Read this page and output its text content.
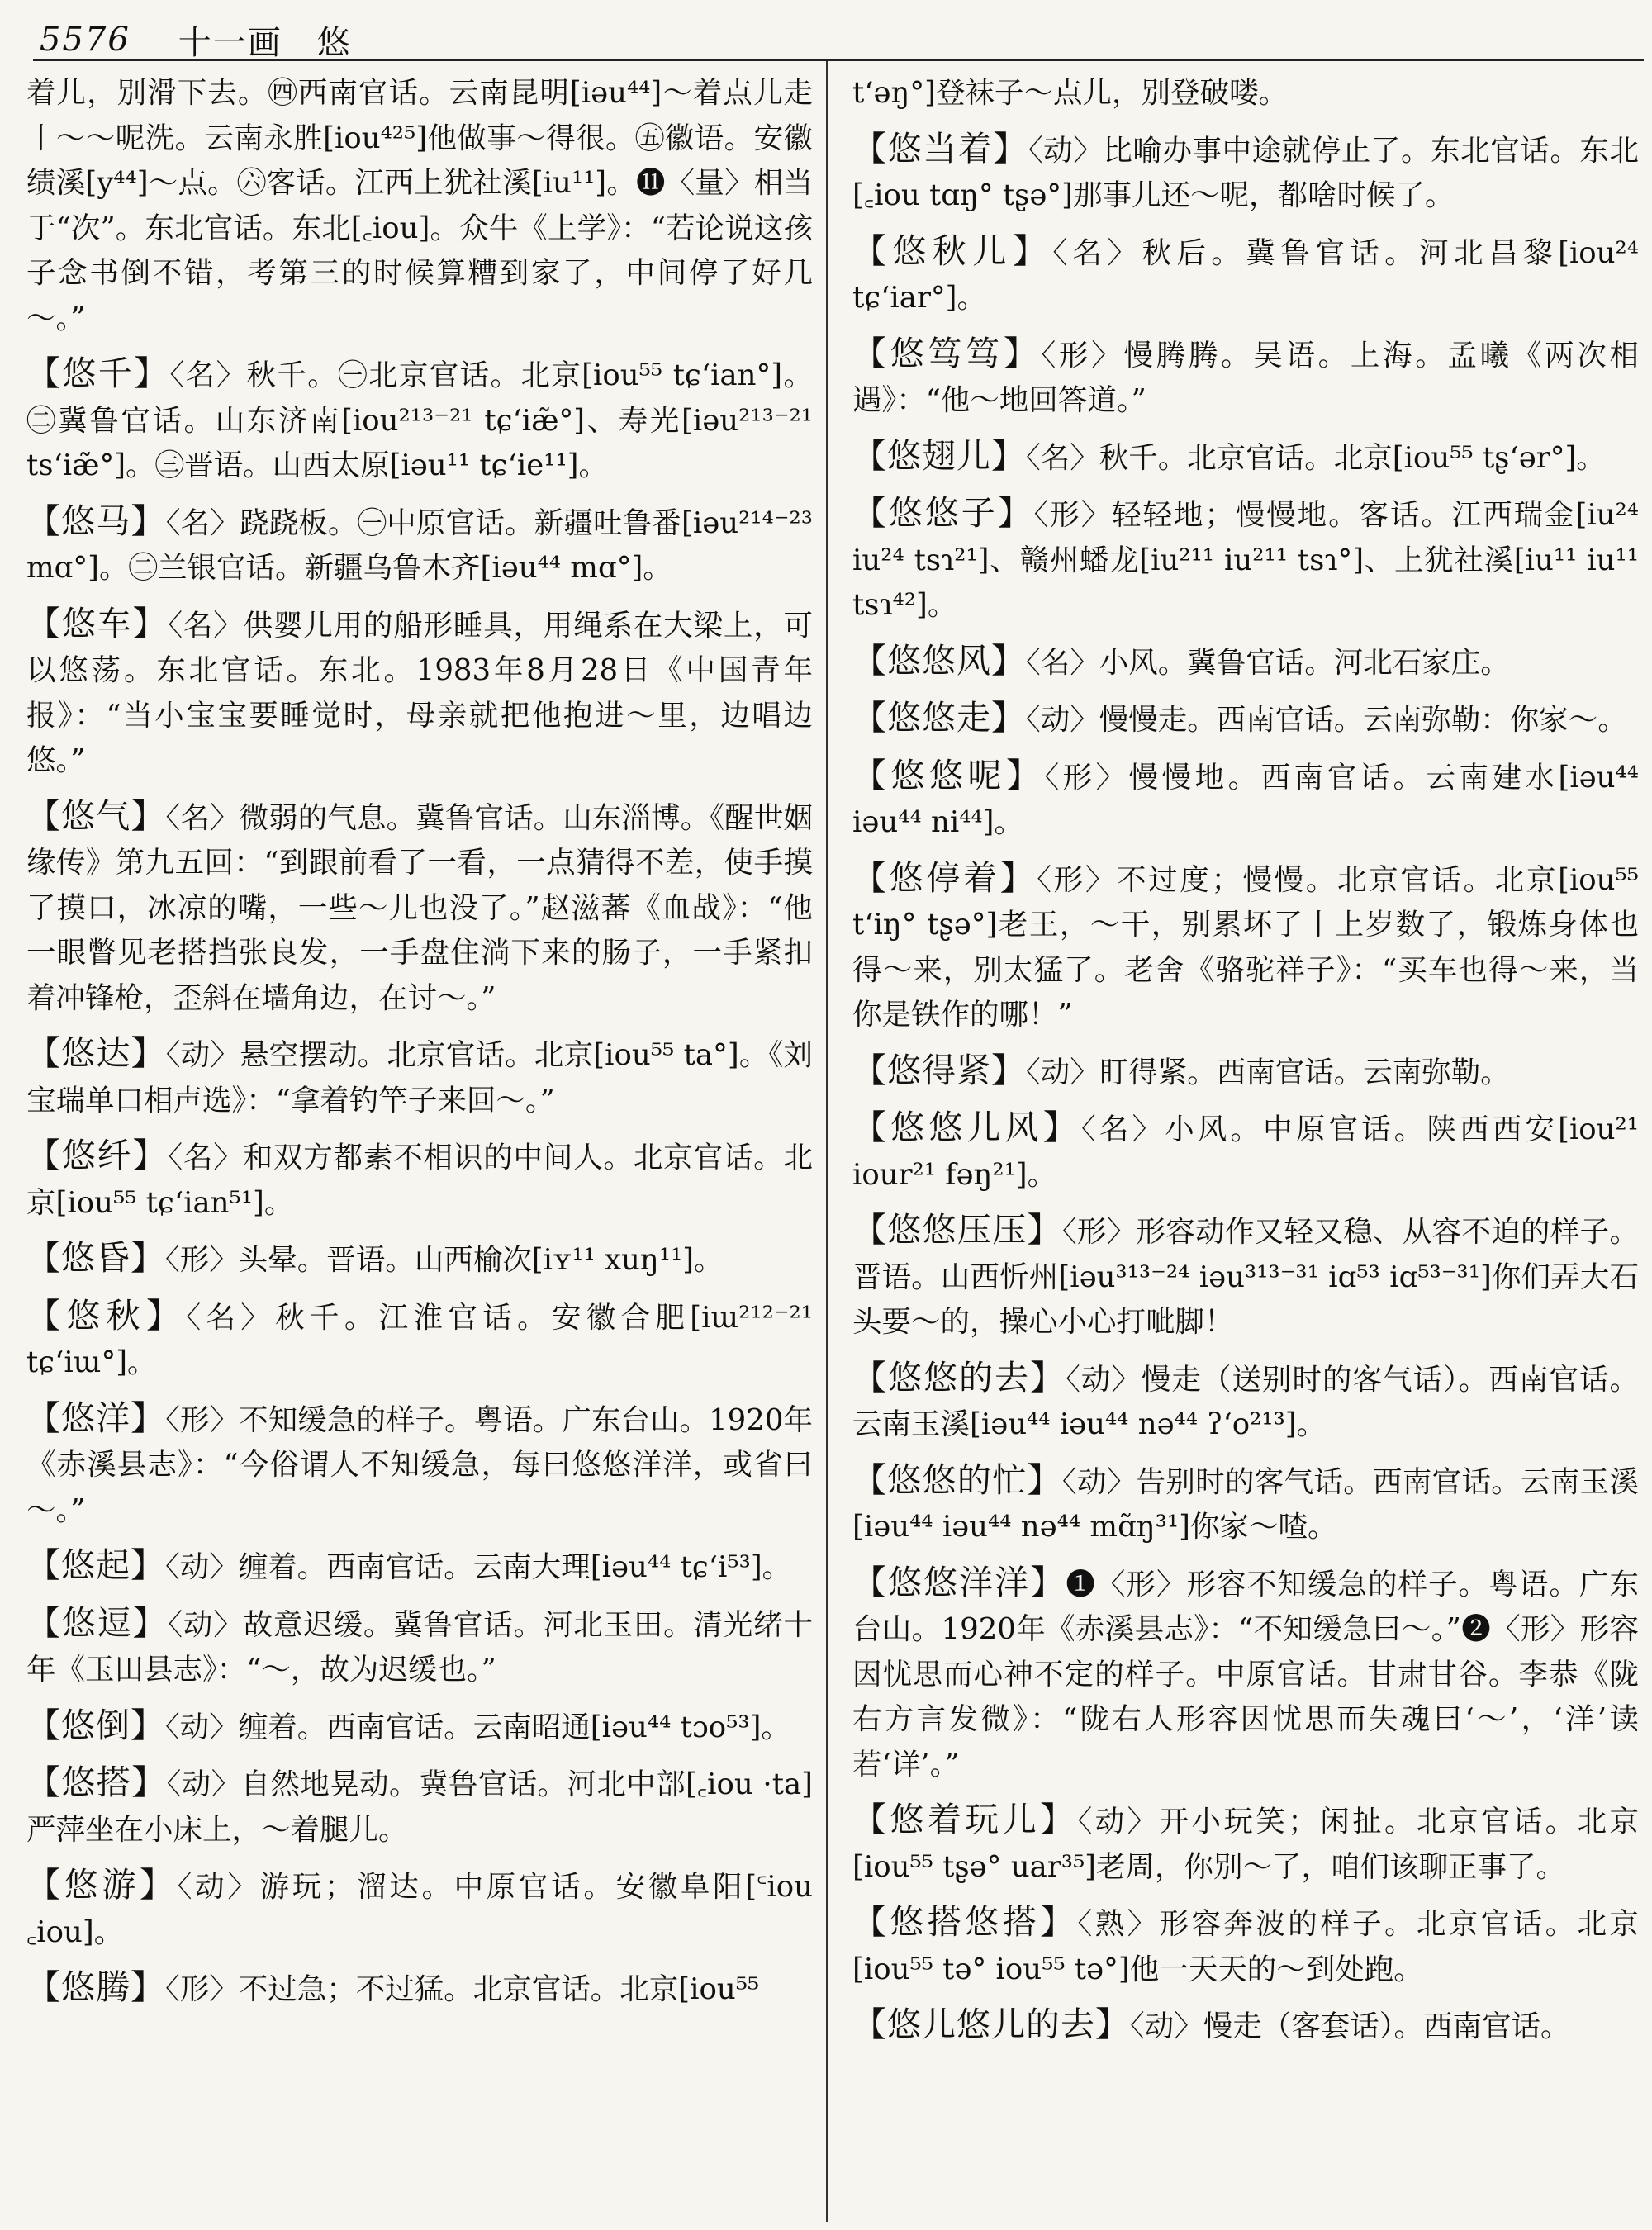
5576 十一画　悠
着儿，别滑下去。㊃西南官话。云南昆明[iəu⁴⁴]～着点儿走丨～～呢洗。云南永胜[iou⁴²⁵]他做事～得很。㊄徽语。安徽绩溪[y⁴⁴]～点。㊅客话。江西上犹社溪[iu¹¹]。⓫〈量〉相当于“次”。东北官话。东北[꜀iou]。众牛《上学》：“若论说这孩子念书倒不错，考第三的时候算糟到家了，中间停了好几～。”
【悠千】〈名〉秋千。㊀北京官话。北京[iou⁵⁵ tɕ‘ian°]。㊁冀鲁官话。山东济南[iou²¹³⁻²¹ tɕ‘iæ̃°]、寿光[iəu²¹³⁻²¹ ts‘iæ̃°]。㊂晋语。山西太原[iəu¹¹ tɕ‘ie¹¹]。
【悠马】〈名〉跷跷板。㊀中原官话。新疆吐鲁番[iəu²¹⁴⁻²³ mɑ°]。㊁兰银官话。新疆乌鲁木齐[iəu⁴⁴ mɑ°]。
【悠车】〈名〉供婴儿用的船形睡具，用绳系在大梁上，可以悠荡。东北官话。东北。1983年8月28日《中国青年报》：“当小宝宝要睡觉时，母亲就把他抱进～里，边唱边悠。”
【悠气】〈名〉微弱的气息。冀鲁官话。山东淄博。《醒世姻缘传》第九五回：“到跟前看了一看，一点猜得不差，使手摸了摸口，冰凉的嘴，一些～儿也没了。”赵滋蕃《血战》：“他一眼瞥见老搭挡张良发，一手盘住淌下来的肠子，一手紧扣着冲锋枪，歪斜在墙角边，在讨～。”
【悠达】〈动〉悬空摆动。北京官话。北京[iou⁵⁵ ta°]。《刘宝瑞单口相声选》：“拿着钓竿子来回～。”
【悠纤】〈名〉和双方都素不相识的中间人。北京官话。北京[iou⁵⁵ tɕ‘ian⁵¹]。
【悠昏】〈形〉头晕。晋语。山西榆次[iʏ¹¹ xuŋ¹¹]。
【悠秋】〈名〉秋千。江淮官话。安徽合肥[iɯ²¹²⁻²¹ tɕ‘iɯ°]。
【悠洋】〈形〉不知缓急的样子。粤语。广东台山。1920年《赤溪县志》：“今俗谓人不知缓急，每曰悠悠洋洋，或省曰～。”
【悠起】〈动〉缠着。西南官话。云南大理[iəu⁴⁴ tɕ‘i⁵³]。
【悠逗】〈动〉故意迟缓。冀鲁官话。河北玉田。清光绪十年《玉田县志》：“～，故为迟缓也。”
【悠倒】〈动〉缠着。西南官话。云南昭通[iəu⁴⁴ tɔo⁵³]。
【悠搭】〈动〉自然地晃动。冀鲁官话。河北中部[꜀iou ·ta]严萍坐在小床上，～着腿儿。
【悠游】〈动〉游玩；溜达。中原官话。安徽阜阳[꜂iou ꜀iou]。
【悠腾】〈形〉不过急；不过猛。北京官话。北京[iou⁵⁵
t‘əŋ°]登袜子～点儿，别登破喽。
【悠当着】〈动〉比喻办事中途就停止了。东北官话。东北[꜀iou tɑŋ° tʂə°]那事儿还～呢，都啥时候了。
【悠秋儿】〈名〉秋后。冀鲁官话。河北昌黎[iou²⁴ tɕ‘iar°]。
【悠笃笃】〈形〉慢腾腾。吴语。上海。孟曦《两次相遇》：“他～地回答道。”
【悠翅儿】〈名〉秋千。北京官话。北京[iou⁵⁵ tʂ‘ər°]。
【悠悠子】〈形〉轻轻地；慢慢地。客话。江西瑞金[iu²⁴ iu²⁴ tsɿ²¹]、赣州蟠龙[iu²¹¹ iu²¹¹ tsɿ°]、上犹社溪[iu¹¹ iu¹¹ tsɿ⁴²]。
【悠悠风】〈名〉小风。冀鲁官话。河北石家庄。
【悠悠走】〈动〉慢慢走。西南官话。云南弥勒：你家～。
【悠悠呢】〈形〉慢慢地。西南官话。云南建水[iəu⁴⁴ iəu⁴⁴ ni⁴⁴]。
【悠停着】〈形〉不过度；慢慢。北京官话。北京[iou⁵⁵ t‘iŋ° tʂə°]老王，～干，别累坏了丨上岁数了，锻炼身体也得～来，别太猛了。老舍《骆驼祥子》：“买车也得～来，当你是铁作的哪！”
【悠得紧】〈动〉盯得紧。西南官话。云南弥勒。
【悠悠儿风】〈名〉小风。中原官话。陕西西安[iou²¹ iour²¹ fəŋ²¹]。
【悠悠压压】〈形〉形容动作又轻又稳、从容不迫的样子。晋语。山西忻州[iəu³¹³⁻²⁴ iəu³¹³⁻³¹ iɑ⁵³ iɑ⁵³⁻³¹]你们弄大石头要～的，操心小心打呲脚！
【悠悠的去】〈动〉慢走（送别时的客气话）。西南官话。云南玉溪[iəu⁴⁴ iəu⁴⁴ nə⁴⁴ ʔ‘o²¹³]。
【悠悠的忙】〈动〉告别时的客气话。西南官话。云南玉溪[iəu⁴⁴ iəu⁴⁴ nə⁴⁴ mɑ̃ŋ³¹]你家～喳。
【悠悠洋洋】❶〈形〉形容不知缓急的样子。粤语。广东台山。1920年《赤溪县志》：“不知缓急曰～。”❷〈形〉形容因忧思而心神不定的样子。中原官话。甘肃甘谷。李恭《陇右方言发微》：“陇右人形容因忧思而失魂曰‘～’，‘洋’读若‘详’。”
【悠着玩儿】〈动〉开小玩笑；闲扯。北京官话。北京[iou⁵⁵ tʂə° uar³⁵]老周，你别～了，咱们该聊正事了。
【悠搭悠搭】〈熟〉形容奔波的样子。北京官话。北京[iou⁵⁵ tə° iou⁵⁵ tə°]他一天天的～到处跑。
【悠儿悠儿的去】〈动〉慢走（客套话）。西南官话。
